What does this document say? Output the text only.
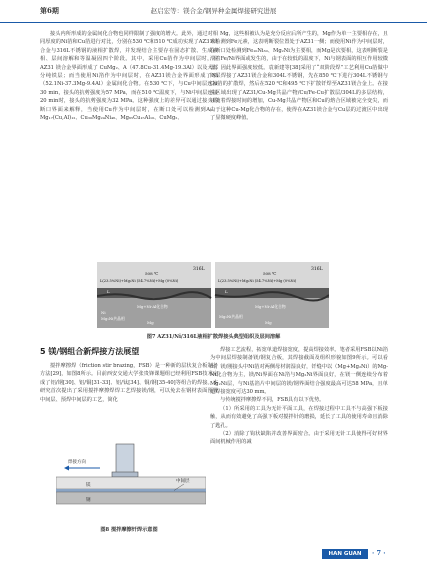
第6期	赵启宏等：镁合金/钢异种金属焊接研究进展

接头内所形成的金属间化合物也同样限制了强度的增大。此外，通过对相同厚度的Ni箔和Cu箔进行对比，分别在530 ℃和510 ℃成功实现了AZ31镁合金与316L不锈钢的液相扩散焊，并发现结合主要存在固态扩散、生成液相、层间溶解和等温凝固四个阶段。其中，采用Cu箔作为中间层时，在 AZ31 镁合金界面形成了 CuMg₂、A（47.8Cu-31.4Mg-19.3Al）以及大部分纯铁层；而当使用Ni箔作为中间层时，在AZ31镁合金界面形成了Ni（52.1Ni-37.3Mg-9.4Al）金属间化合物。在530 ℃下，与Cu中间层连接30 min，接头的抗剪强度为57 MPa，而在510 ℃温度下，与Ni中间层连接20 min时，接头的抗剪强度为32 MPa。这种强度上的差异可以通过接头的断口界面来解释，当使用Cu作为中间层时，在断口处可以检测到A₁、Mg₁₇(Cu,Al)₁₂、Cu₃₀Mg₂₄Ni₄₆、Mg₆₅Cu₁₅Al₁₀、CuMg₂、

Mg，这些相被认为是充分反应后所产生的，Mg作为单一主要相存在，且未检测到Fe元素，这表明断裂位置处于AZ31一侧；而使用Ni作为中间层时，在断口处检测到Fe₁₀Ni₃₀、Mg₂Ni为主要相，而Mg是次要相，这表明断裂是沿着Fe/Ni界面或发生的，由于在较低的温度下，Ni与钢表面的相互作用较微弱，因此界面强度较低。袁新建等[38]采用了“双阶段焊”工艺利用Cu箔做中间层焊接了AZ31镁合金和304L不锈钢，先在850 ℃下进行304L不锈钢与Cu箔的扩散焊，然后在520 ℃和495 ℃下扩散钎焊至AZ31镁合金上。在接头区域出现了AZ31/Cu-Mg共晶产物/Cu/Fe-Cu扩散层/304L的多层结构，且随着焊接时间的增加，Cu-Mg共晶产物区和Cu的熔合区域被完全变尖，而由于这种Cu-Mg化合物的存在，使得在AZ31镁合金与Cu层的过渡区中出现了显微硬度峰值。

316L
508 ℃
L(23.5%Ni)+Mg₂Ni (54.7%Ni)+Mg (0%Ni)
L
Mg+Ni-Al化合物
Ni
Mg₂Ni共晶相
Mg
316L
508 ℃
L(23.5%Ni)+Mg₂Ni (54.7%Ni)+Mg (0%Ni)
L
Mg+Ni-Al化合物
Mg₂Ni共晶相
Mg
图7 AZ31/Ni/316L液相扩散焊接头典型组织及层间溶解
5 镁/钢组合新焊接方法展望

搅拌摩擦焊（friction stir brazing，FSB）是一种新的层状复合板制备方法[29]，如图8所示。目前西安交通大学张贵锋课题组已经利用FSB技术完成了铝/钢[30]、铝/铜[31-33]、铝/钛[34]、铜/钢[35-40]等组合的焊接。本研究首次提出了采用搅拌摩擦焊焊工艺焊接镁/钢，可以免去在钢材表面预置中间层、预焊中间层的工艺，简化

焊接方向
中间层
镁
钢
图8 搅拌摩擦钎焊示意图

焊接工艺流程，拓宽单道焊接宽度，提高焊接效率。笔者采用FSB以Ni箔为中间层焊接制备镁/钢复合板，其焊接截面及组织形貌如图9所示。可以看出，镁/刚接头中Ni箔对两侧母材润湿良好，钎缝中以（Mg+Mg₂Ni）的Mg-Ni化合物为主，镁/Ni界面在Ni箔与Mg₂Ni界面良好，在镁一侧连续分布着Mg₂Ni层，与Ni基箔片中间层的镁/钢界面结合强度最高可达58 MPa，且单道焊接宽度可达30 mm。

与传统搅拌摩擦焊不同，FSB具有以下优势。

（1）所采用的工具为无针平面工具，在焊接过程中工具不与高强下板接触，从而有效避免了高强下板对搅拌针的磨损，延长了工具的使用寿命且消除了匙孔。

（2）消除了钩状缺陷并改善界面密合。由于采用无针工具使得可好材界面间机械作用的减

HAN GUAN	· 7 ·
